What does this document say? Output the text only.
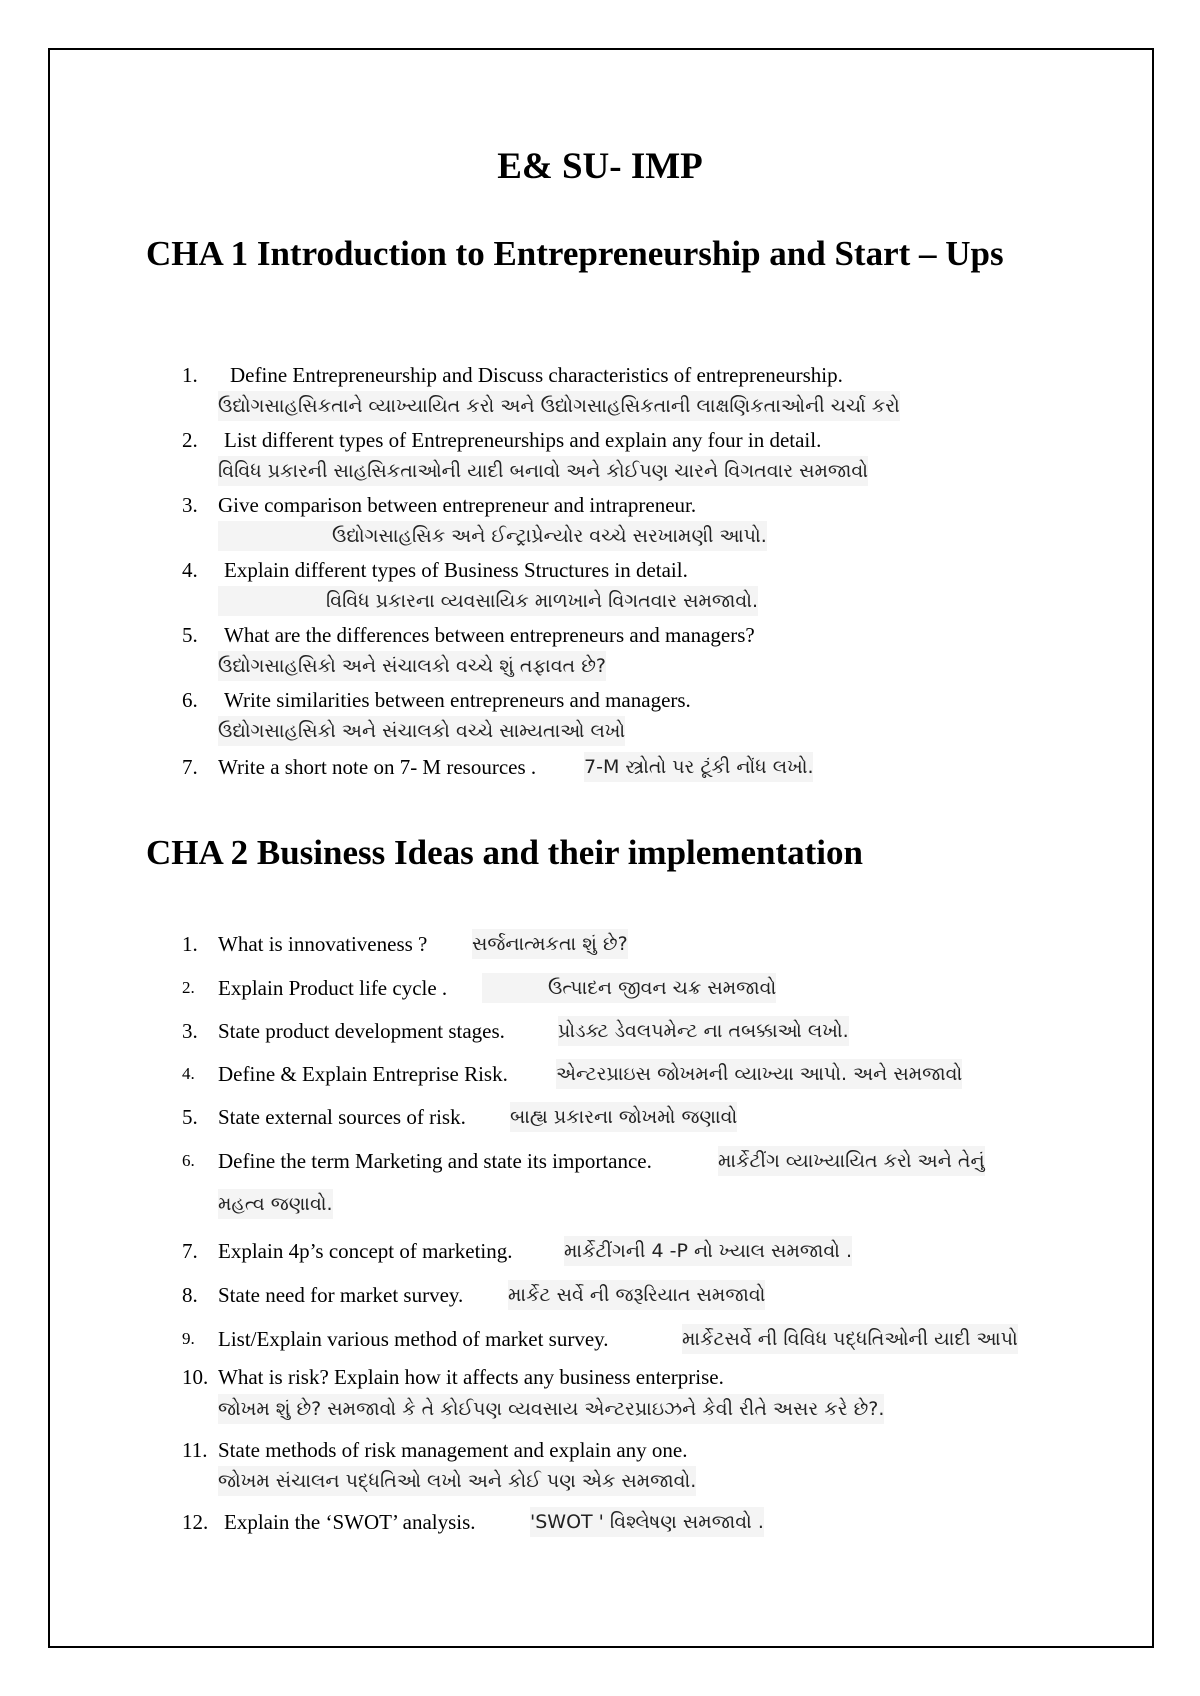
E& SU- IMP
CHA 1 Introduction to Entrepreneurship and Start – Ups
CHA 2 Business Ideas and their implementation
1. Define Entrepreneurship and Discuss characteristics of entrepreneurship.
ઉદ્યોગસાહસિકતાને વ્યાખ્યાયિત કરો અને ઉદ્યોગસાહસિકતાની લાક્ષણિકતાઓની ચર્ચા કરો
2. List different types of Entrepreneurships and explain any four in detail.
વિવિધ પ્રકારની સાહસિકતાઓની યાદી બનાવો અને કોઈપણ ચારને વિગતવાર સમજાવો
3. Give comparison between entrepreneur and intrapreneur.
ઉદ્યોગસાહસિક અને ઈન્ટ્રાપ્રેન્યોર વચ્ચે સરખામણી આપો.
4. Explain different types of Business Structures in detail.
વિવિધ પ્રકારના વ્યવસાયિક માળખાને વિગતવાર સમજાવો.
5. What are the differences between entrepreneurs and managers?
ઉદ્યોગસાહસિકો અને સંચાલકો વચ્ચે શું તફાવત છે?
6. Write similarities between entrepreneurs and managers.
ઉદ્યોગસાહસિકો અને સંચાલકો વચ્ચે સામ્યતાઓ લખો
7. Write a short note on 7- M resources .	7-M સ્ત્રોતો પર ટૂંકી નોંધ લખો.
1. What is innovativeness ? સર્જનાત્મકતા શું છે?
2. Explain Product life cycle .	ઉત્પાદન જીવન ચક્ર સમજાવો
3. State product development stages.	પ્રોડક્ટ ડેવલપમેન્ટ ના તબક્કાઓ લખો.
4. Define & Explain Entreprise Risk.	એન્ટરપ્રાઇસ જોખમની વ્યાખ્યા આપો. અને સમજાવો
5. State external sources of risk. બાહ્ય પ્રકારના જોખમો જણાવો
6. Define the term Marketing and state its importance.	માર્કેટીંગ વ્યાખ્યાયિત કરો અને તેનું
મહત્વ જણાવો.
7. Explain 4p’s concept of marketing.	માર્કેટીંગની 4 -P નો ખ્યાલ સમજાવો .
8. State need for market survey. માર્કેટ સર્વે ની જરૂરિયાત સમજાવો
9. List/Explain various method of market survey.	માર્કેટસર્વે ની વિવિધ પદ્ધતિઓની યાદી આપો
10. What is risk? Explain how it affects any business enterprise.
જોખમ શું છે? સમજાવો કે તે કોઈપણ વ્યવસાય એન્ટરપ્રાઇઝને કેવી રીતે અસર કરે છે?.
11. State methods of risk management and explain any one.
જોખમ સંચાલન પદ્ધતિઓ લખો અને કોઈ પણ એક સમજાવો.
12. Explain the ‘SWOT’ analysis.	'SWOT ' વિશ્લેષણ સમજાવો .
